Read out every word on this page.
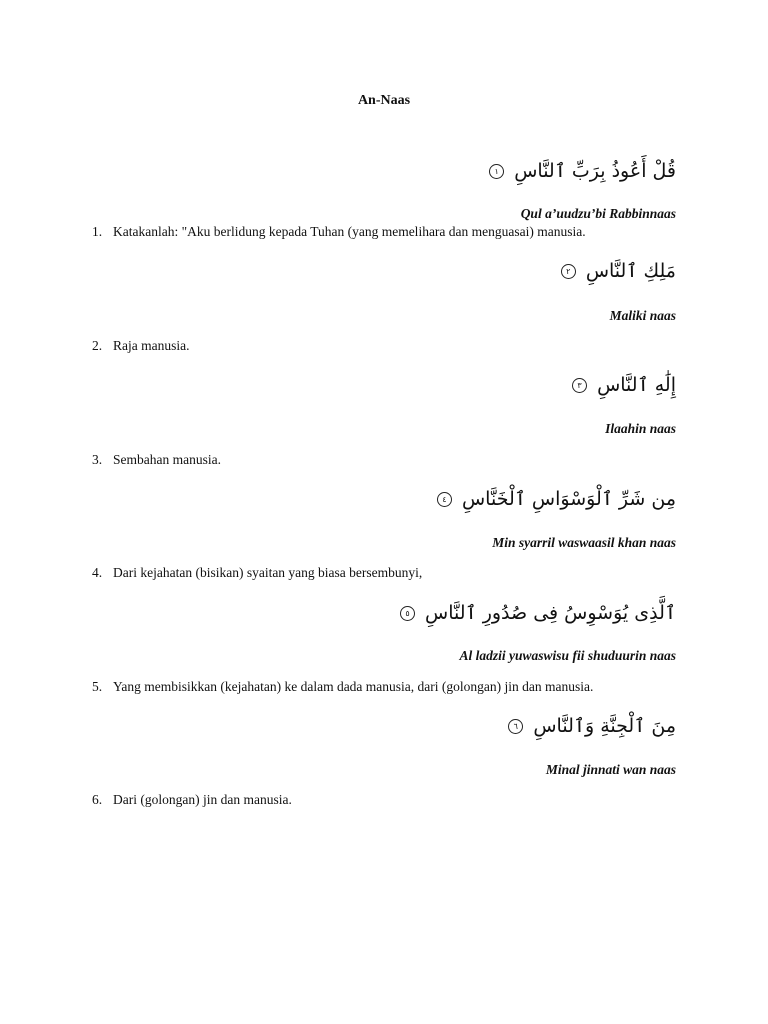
An-Naas
قُلْ أَعُوذُ بِرَبِّ ٱلنَّاسِ ١
Qul a’uudzu’bi Rabbinnaas
1. Katakanlah: "Aku berlidung kepada Tuhan (yang memelihara dan menguasai) manusia.
مَلِكِ ٱلنَّاسِ ٢
Maliki naas
2. Raja manusia.
إِلَٰهِ ٱلنَّاسِ ٣
Ilaahin naas
3. Sembahan manusia.
مِن شَرِّ ٱلْوَسْوَاسِ ٱلْخَنَّاسِ ٤
Min syarril waswaasil khan naas
4. Dari kejahatan (bisikan) syaitan yang biasa bersembunyi,
ٱلَّذِى يُوَسْوِسُ فِى صُدُورِ ٱلنَّاسِ ٥
Al ladzii yuwaswisu fii shuduurin naas
5. Yang membisikkan (kejahatan) ke dalam dada manusia, dari (golongan) jin dan manusia.
مِنَ ٱلْجِنَّةِ وَٱلنَّاسِ ٦
Minal jinnati wan naas
6. Dari (golongan) jin dan manusia.
